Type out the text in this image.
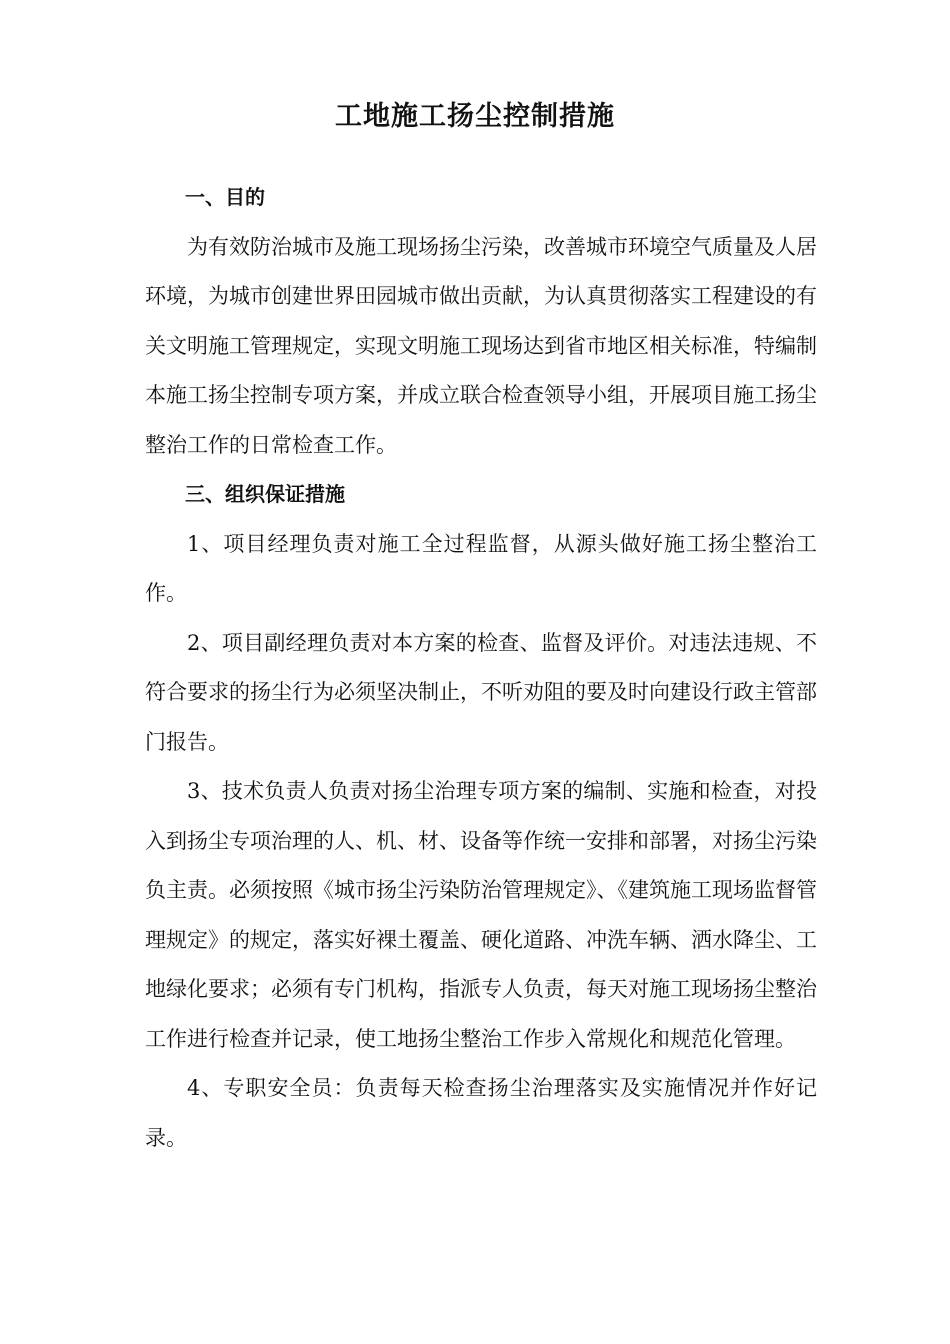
工地施工扬尘控制措施

一、目的

为有效防治城市及施工现场扬尘污染，改善城市环境空气质量及人居环境，为城市创建世界田园城市做出贡献，为认真贯彻落实工程建设的有关文明施工管理规定，实现文明施工现场达到省市地区相关标准，特编制本施工扬尘控制专项方案，并成立联合检查领导小组，开展项目施工扬尘整治工作的日常检查工作。

三、组织保证措施

1、项目经理负责对施工全过程监督，从源头做好施工扬尘整治工作。

2、项目副经理负责对本方案的检查、监督及评价。对违法违规、不符合要求的扬尘行为必须坚决制止，不听劝阻的要及时向建设行政主管部门报告。

3、技术负责人负责对扬尘治理专项方案的编制、实施和检查，对投入到扬尘专项治理的人、机、材、设备等作统一安排和部署，对扬尘污染负主责。必须按照《城市扬尘污染防治管理规定》、《建筑施工现场监督管理规定》的规定，落实好裸土覆盖、硬化道路、冲洗车辆、洒水降尘、工地绿化要求；必须有专门机构，指派专人负责，每天对施工现场扬尘整治工作进行检查并记录，使工地扬尘整治工作步入常规化和规范化管理。

4、专职安全员：负责每天检查扬尘治理落实及实施情况并作好记录。
